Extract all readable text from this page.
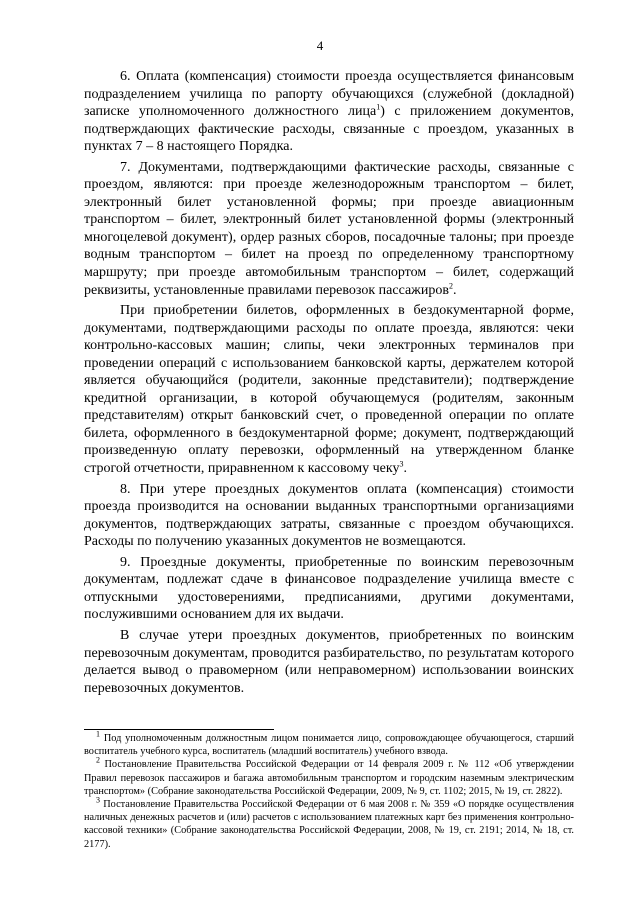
4

6. Оплата (компенсация) стоимости проезда осуществляется финансовым подразделением училища по рапорту обучающихся (служебной (докладной) записке уполномоченного должностного лица$^1$) с приложением документов, подтверждающих фактические расходы, связанные с проездом, указанных в пунктах 7 – 8 настоящего Порядка.

7. Документами, подтверждающими фактические расходы, связанные с проездом, являются: при проезде железнодорожным транспортом – билет, электронный билет установленной формы; при проезде авиационным транспортом – билет, электронный билет установленной формы (электронный многоцелевой документ), ордер разных сборов, посадочные талоны; при проезде водным транспортом – билет на проезд по определенному транспортному маршруту; при проезде автомобильным транспортом – билет, содержащий реквизиты, установленные правилами перевозок пассажиров$^2$.

При приобретении билетов, оформленных в бездокументарной форме, документами, подтверждающими расходы по оплате проезда, являются: чеки контрольно-кассовых машин; слипы, чеки электронных терминалов при проведении операций с использованием банковской карты, держателем которой является обучающийся (родители, законные представители); подтверждение кредитной организации, в которой обучающемуся (родителям, законным представителям) открыт банковский счет, о проведенной операции по оплате билета, оформленного в бездокументарной форме; документ, подтверждающий произведенную оплату перевозки, оформленный на утвержденном бланке строгой отчетности, приравненном к кассовому чеку$^3$.

8. При утере проездных документов оплата (компенсация) стоимости проезда производится на основании выданных транспортными организациями документов, подтверждающих затраты, связанные с проездом обучающихся. Расходы по получению указанных документов не возмещаются.

9. Проездные документы, приобретенные по воинским перевозочным документам, подлежат сдаче в финансовое подразделение училища вместе с отпускными удостоверениями, предписаниями, другими документами, послужившими основанием для их выдачи.

В случае утери проездных документов, приобретенных по воинским перевозочным документам, проводится разбирательство, по результатам которого делается вывод о правомерном (или неправомерном) использовании воинских перевозочных документов.

$^1$ Под уполномоченным должностным лицом понимается лицо, сопровождающее обучающегося, старший воспитатель учебного курса, воспитатель (младший воспитатель) учебного взвода.

$^2$ Постановление Правительства Российской Федерации от 14 февраля 2009 г. № 112 «Об утверждении Правил перевозок пассажиров и багажа автомобильным транспортом и городским наземным электрическим транспортом» (Собрание законодательства Российской Федерации, 2009, № 9, ст. 1102; 2015, № 19, ст. 2822).

$^3$ Постановление Правительства Российской Федерации от 6 мая 2008 г. № 359 «О порядке осуществления наличных денежных расчетов и (или) расчетов с использованием платежных карт без применения контрольно-кассовой техники» (Собрание законодательства Российской Федерации, 2008, № 19, ст. 2191; 2014, № 18, ст. 2177).
